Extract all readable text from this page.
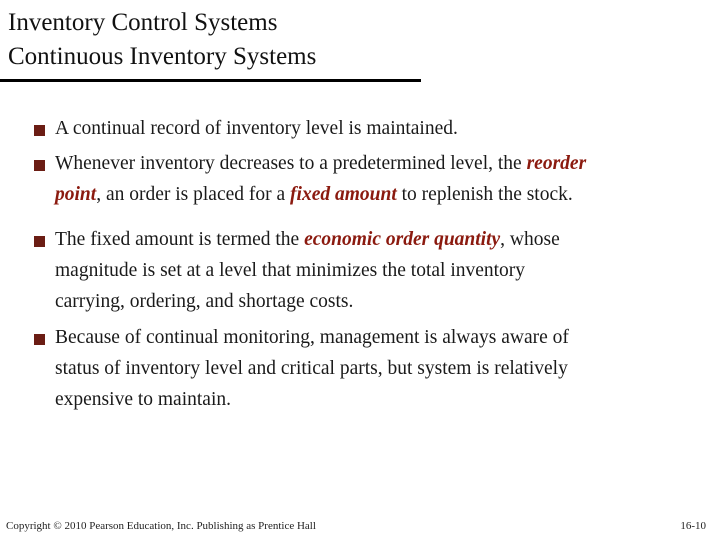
Inventory Control Systems
Continuous Inventory Systems
A continual record of inventory level is maintained.
Whenever inventory decreases to a predetermined level, the reorder
point, an order is placed for a fixed amount to replenish the stock.
The fixed amount is termed the economic order quantity, whose
magnitude is set at a level that minimizes the total inventory
carrying, ordering, and shortage costs.
Because of continual monitoring, management is always aware of
status of inventory level and critical parts, but system is relatively
expensive to maintain.
Copyright © 2010 Pearson Education, Inc. Publishing as Prentice Hall	16-10
